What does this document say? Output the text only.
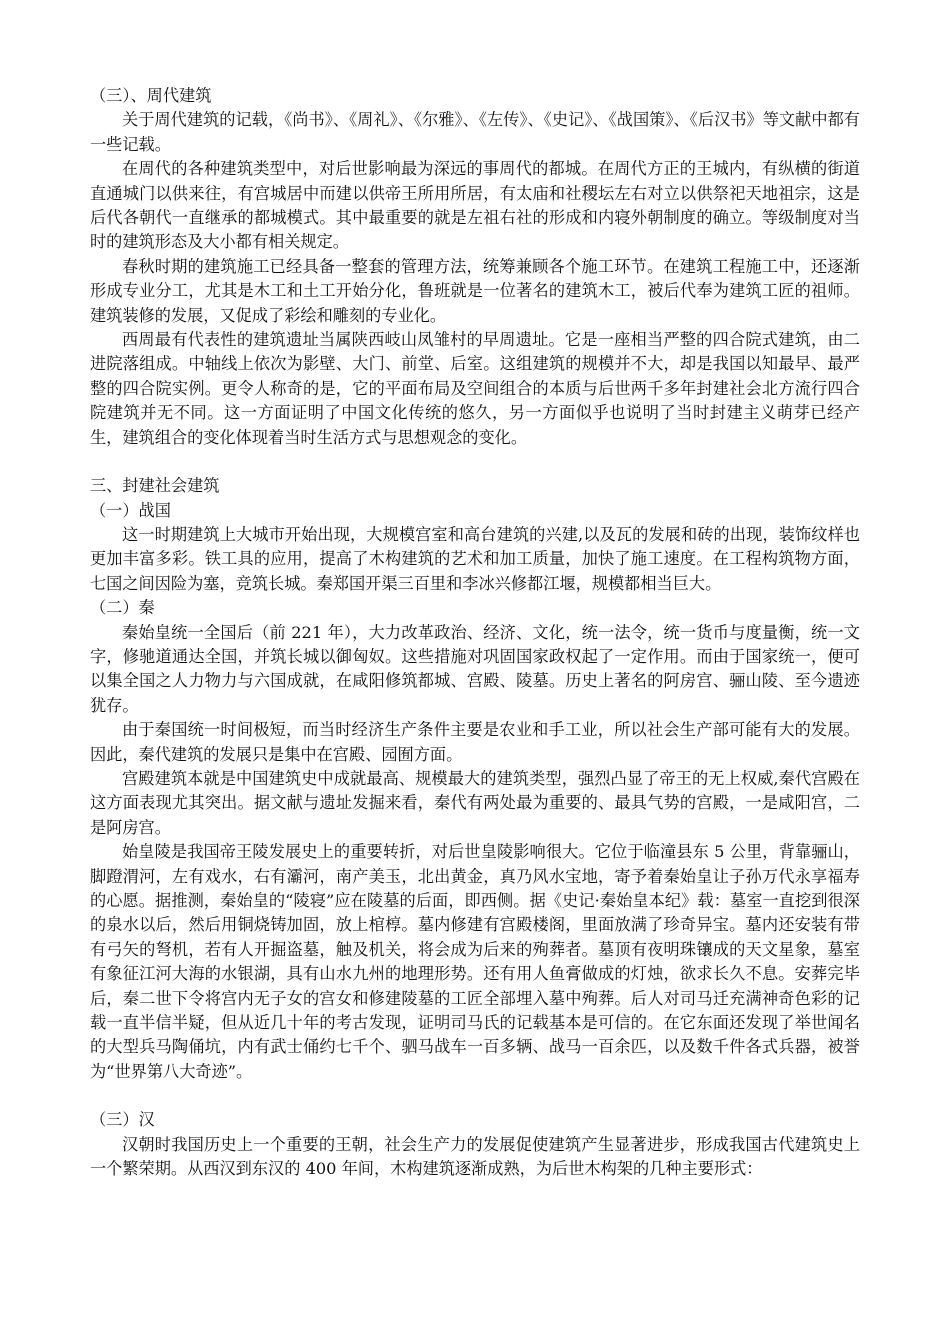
（三）、周代建筑

关于周代建筑的记载，《尚书》、《周礼》、《尔雅》、《左传》、《史记》、《战国策》、《后汉书》等文献中都有一些记载。

在周代的各种建筑类型中，对后世影响最为深远的事周代的都城。在周代方正的王城内，有纵横的街道直通城门以供来往，有宫城居中而建以供帝王所用所居，有太庙和社稷坛左右对立以供祭祀天地祖宗，这是后代各朝代一直继承的都城模式。其中最重要的就是左祖右社的形成和内寝外朝制度的确立。等级制度对当时的建筑形态及大小都有相关规定。

春秋时期的建筑施工已经具备一整套的管理方法，统筹兼顾各个施工环节。在建筑工程施工中，还逐渐形成专业分工，尤其是木工和土工开始分化，鲁班就是一位著名的建筑木工，被后代奉为建筑工匠的祖师。建筑装修的发展，又促成了彩绘和雕刻的专业化。

西周最有代表性的建筑遗址当属陕西岐山凤雏村的早周遗址。它是一座相当严整的四合院式建筑，由二进院落组成。中轴线上依次为影壁、大门、前堂、后室。这组建筑的规模并不大，却是我国以知最早、最严整的四合院实例。更令人称奇的是，它的平面布局及空间组合的本质与后世两千多年封建社会北方流行四合院建筑并无不同。这一方面证明了中国文化传统的悠久，另一方面似乎也说明了当时封建主义萌芽已经产生，建筑组合的变化体现着当时生活方式与思想观念的变化。

三、封建社会建筑
（一）战国

这一时期建筑上大城市开始出现，大规模宫室和高台建筑的兴建,以及瓦的发展和砖的出现，装饰纹样也更加丰富多彩。铁工具的应用，提高了木构建筑的艺术和加工质量，加快了施工速度。在工程构筑物方面，七国之间因险为塞，竞筑长城。秦郑国开渠三百里和李冰兴修都江堰，规模都相当巨大。

（二）秦

秦始皇统一全国后（前 221 年），大力改革政治、经济、文化，统一法令，统一货币与度量衡，统一文字，修驰道通达全国，并筑长城以御匈奴。这些措施对巩固国家政权起了一定作用。而由于国家统一，便可以集全国之人力物力与六国成就，在咸阳修筑都城、宫殿、陵墓。历史上著名的阿房宫、骊山陵、至今遗迹犹存。

由于秦国统一时间极短，而当时经济生产条件主要是农业和手工业，所以社会生产部可能有大的发展。因此，秦代建筑的发展只是集中在宫殿、园囿方面。

宫殿建筑本就是中国建筑史中成就最高、规模最大的建筑类型，强烈凸显了帝王的无上权威,秦代宫殿在这方面表现尤其突出。据文献与遗址发掘来看，秦代有两处最为重要的、最具气势的宫殿，一是咸阳宫，二是阿房宫。

始皇陵是我国帝王陵发展史上的重要转折，对后世皇陵影响很大。它位于临潼县东 5 公里，背靠骊山，脚蹬渭河，左有戏水，右有灞河，南产美玉，北出黄金，真乃风水宝地，寄予着秦始皇让子孙万代永享福寿的心愿。据推测，秦始皇的“陵寝”应在陵墓的后面，即西侧。据《史记·秦始皇本纪》载：墓室一直挖到很深的泉水以后，然后用铜烧铸加固，放上棺椁。墓内修建有宫殿楼阁，里面放满了珍奇异宝。墓内还安装有带有弓矢的弩机，若有人开掘盗墓，触及机关，将会成为后来的殉葬者。墓顶有夜明珠镶成的天文星象，墓室有象征江河大海的水银湖，具有山水九州的地理形势。还有用人鱼膏做成的灯烛，欲求长久不息。安葬完毕后，秦二世下令将宫内无子女的宫女和修建陵墓的工匠全部埋入墓中殉葬。后人对司马迁充满神奇色彩的记载一直半信半疑，但从近几十年的考古发现，证明司马氏的记载基本是可信的。在它东面还发现了举世闻名的大型兵马陶俑坑，内有武士俑约七千个、驷马战车一百多辆、战马一百余匹，以及数千件各式兵器，被誉为“世界第八大奇迹”。

（三）汉

汉朝时我国历史上一个重要的王朝，社会生产力的发展促使建筑产生显著进步，形成我国古代建筑史上一个繁荣期。从西汉到东汉的 400 年间，木构建筑逐渐成熟，为后世木构架的几种主要形式：
